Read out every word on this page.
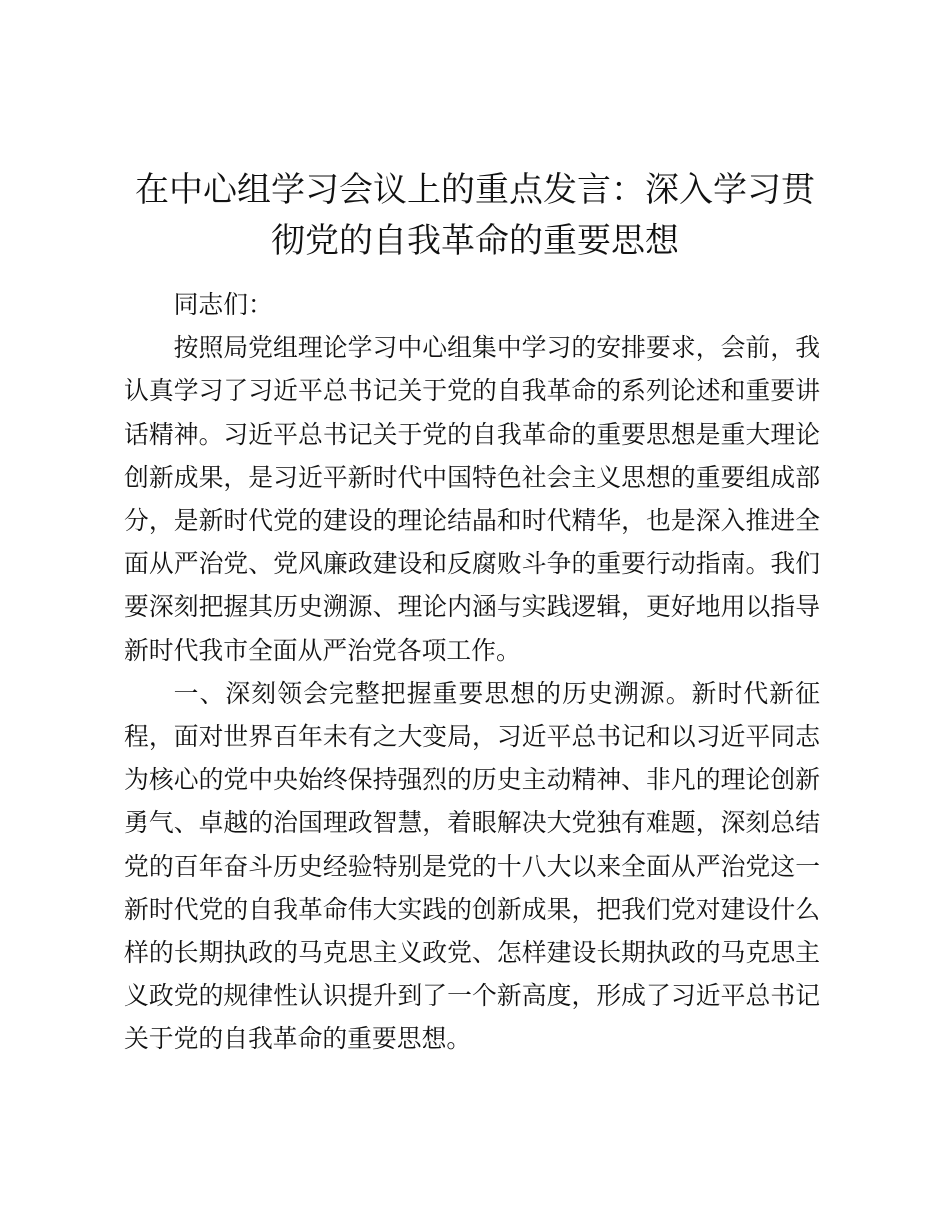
在中心组学习会议上的重点发言：深入学习贯
彻党的自我革命的重要思想

同志们：

按照局党组理论学习中心组集中学习的安排要求，会前，我认真学习了习近平总书记关于党的自我革命的系列论述和重要讲话精神。习近平总书记关于党的自我革命的重要思想是重大理论创新成果，是习近平新时代中国特色社会主义思想的重要组成部分，是新时代党的建设的理论结晶和时代精华，也是深入推进全面从严治党、党风廉政建设和反腐败斗争的重要行动指南。我们要深刻把握其历史溯源、理论内涵与实践逻辑，更好地用以指导新时代我市全面从严治党各项工作。

一、深刻领会完整把握重要思想的历史溯源。新时代新征程，面对世界百年未有之大变局，习近平总书记和以习近平同志为核心的党中央始终保持强烈的历史主动精神、非凡的理论创新勇气、卓越的治国理政智慧，着眼解决大党独有难题，深刻总结党的百年奋斗历史经验特别是党的十八大以来全面从严治党这一新时代党的自我革命伟大实践的创新成果，把我们党对建设什么样的长期执政的马克思主义政党、怎样建设长期执政的马克思主义政党的规律性认识提升到了一个新高度，形成了习近平总书记关于党的自我革命的重要思想。
